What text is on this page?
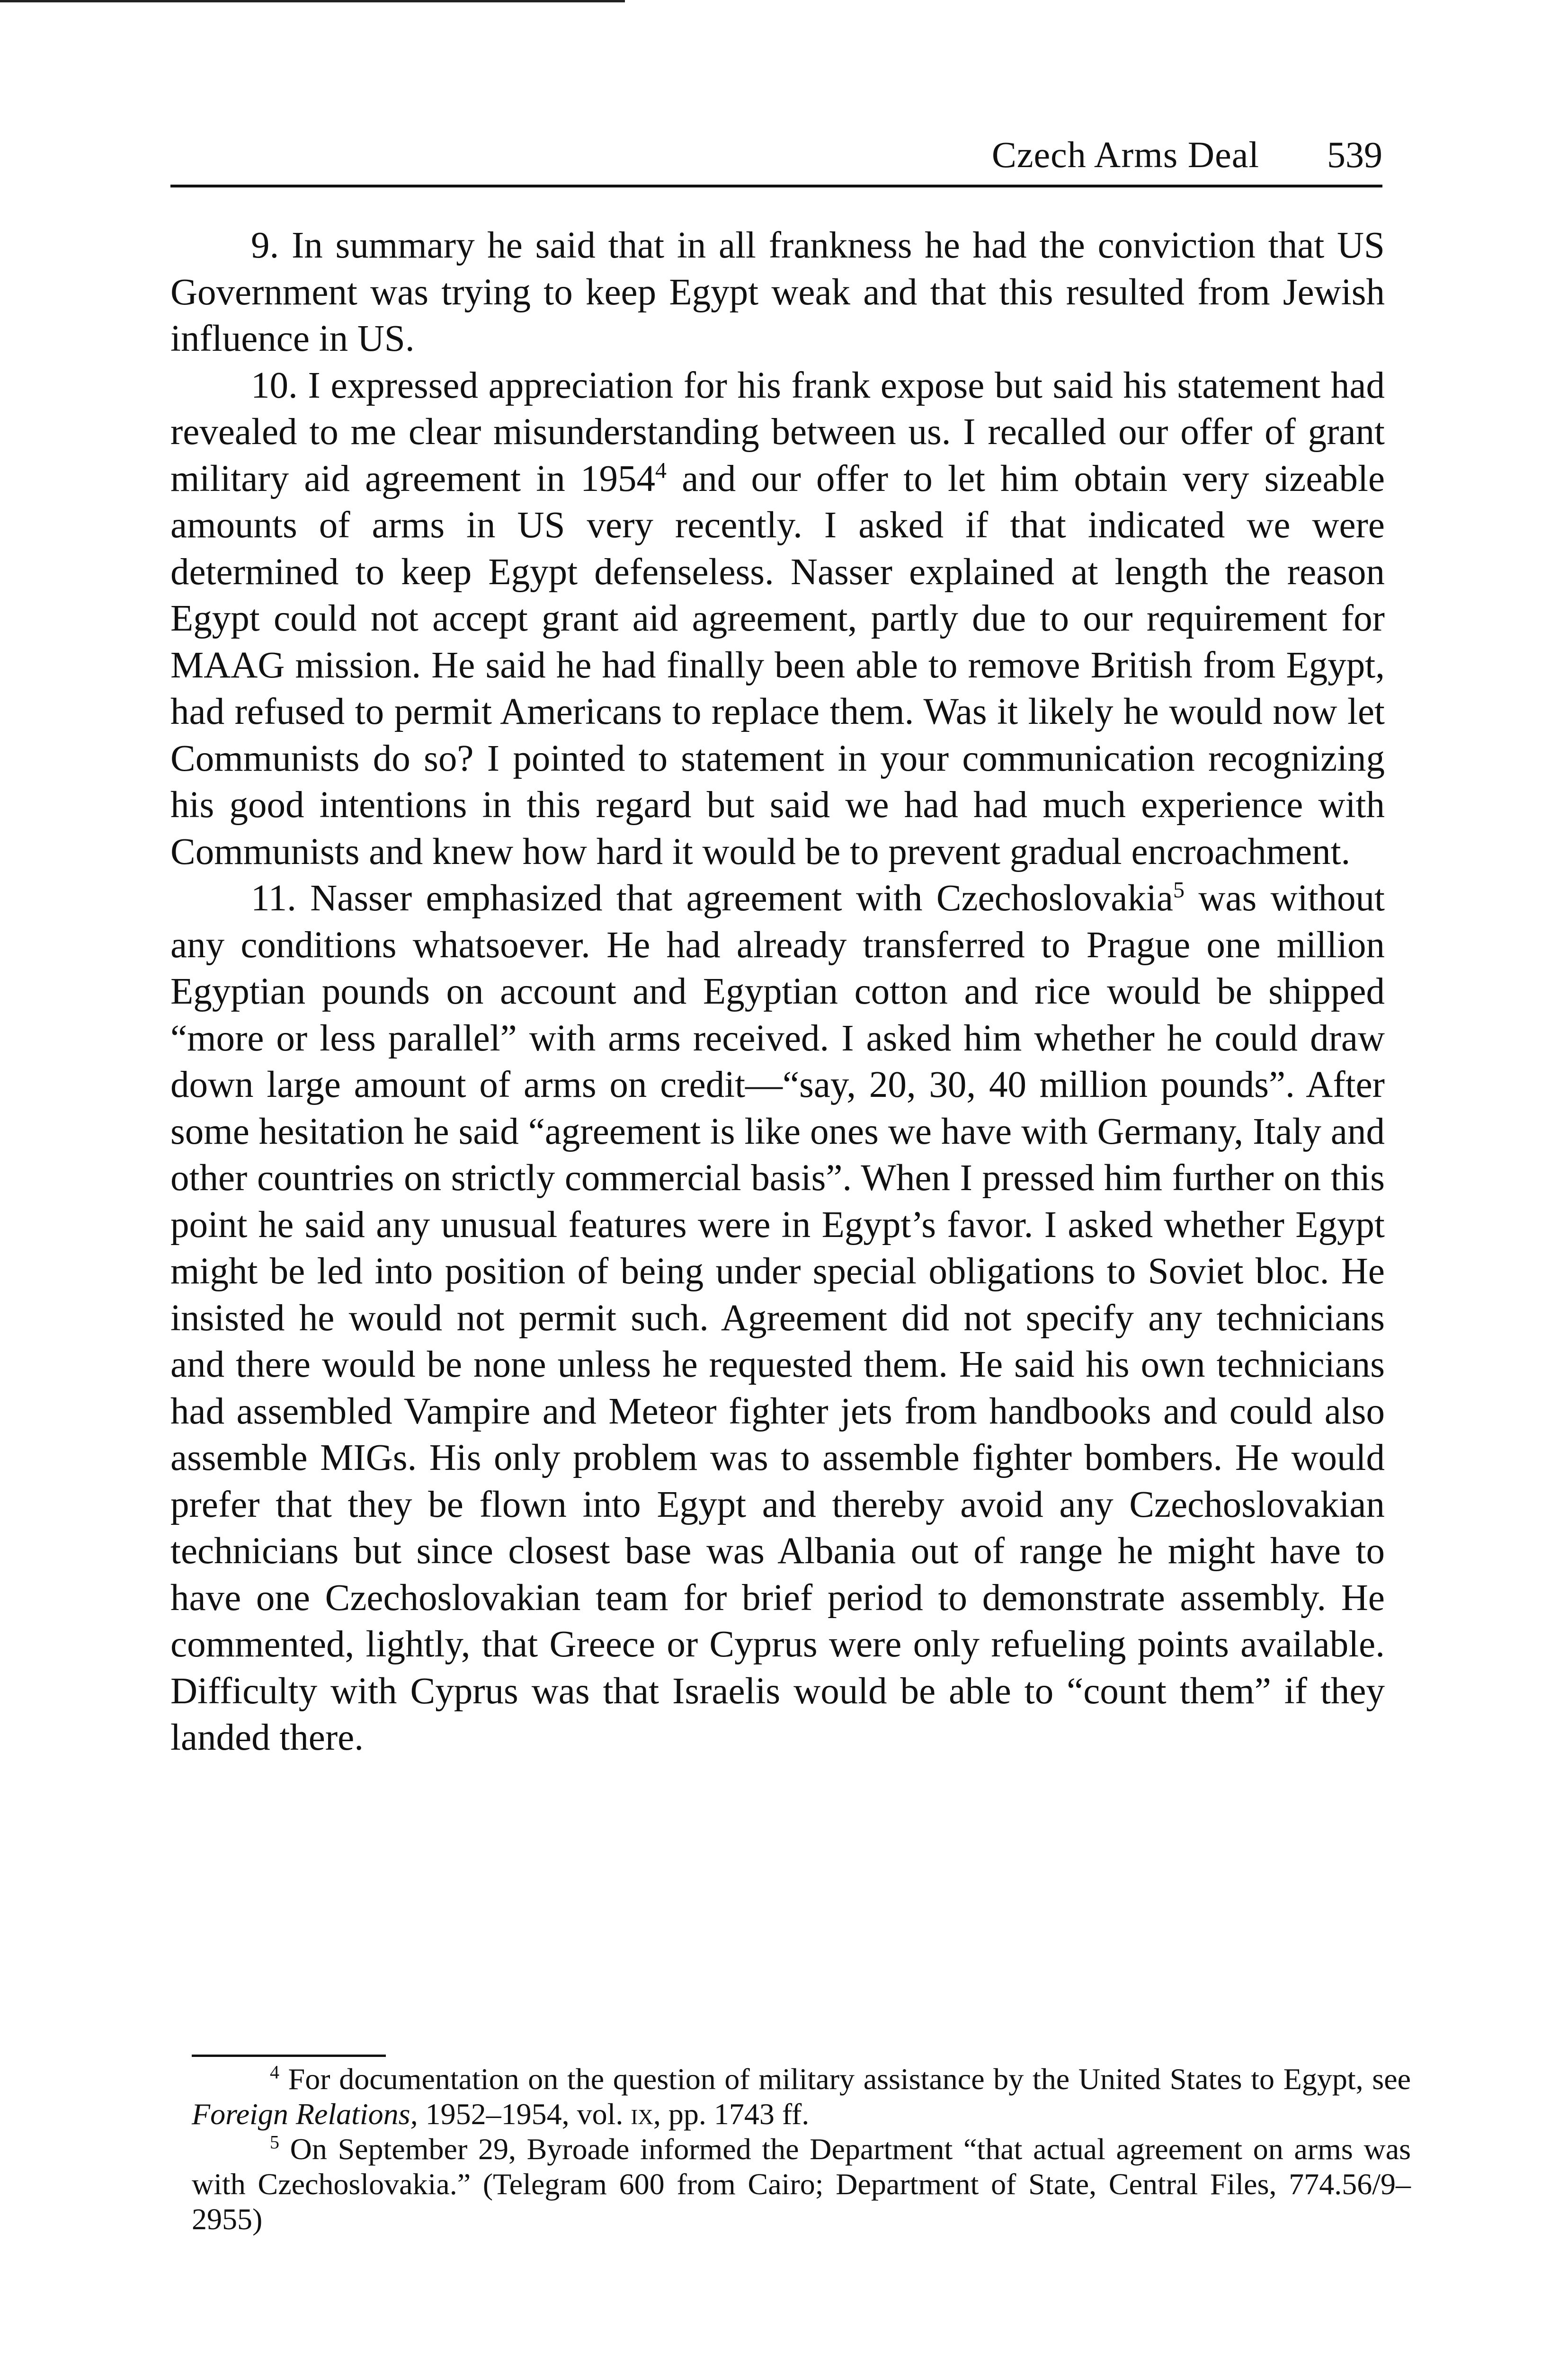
Czech Arms Deal 539

9. In summary he said that in all frankness he had the conviction that US Government was trying to keep Egypt weak and that this resulted from Jewish influence in US.

10. I expressed appreciation for his frank expose but said his statement had revealed to me clear misunderstanding between us. I recalled our offer of grant military aid agreement in 1954$^4$ and our offer to let him obtain very sizeable amounts of arms in US very recently. I asked if that indicated we were determined to keep Egypt defenseless. Nasser explained at length the reason Egypt could not accept grant aid agreement, partly due to our requirement for MAAG mission. He said he had finally been able to remove British from Egypt, had refused to permit Americans to replace them. Was it likely he would now let Communists do so? I pointed to statement in your communication recognizing his good intentions in this regard but said we had had much experience with Communists and knew how hard it would be to prevent gradual encroachment.

11. Nasser emphasized that agreement with Czechoslovakia$^5$ was without any conditions whatsoever. He had already transferred to Prague one million Egyptian pounds on account and Egyptian cotton and rice would be shipped “more or less parallel” with arms received. I asked him whether he could draw down large amount of arms on credit—“say, 20, 30, 40 million pounds”. After some hesitation he said “agreement is like ones we have with Germany, Italy and other countries on strictly commercial basis”. When I pressed him further on this point he said any unusual features were in Egypt’s favor. I asked whether Egypt might be led into position of being under special obligations to Soviet bloc. He insisted he would not permit such. Agreement did not specify any technicians and there would be none unless he requested them. He said his own technicians had assembled Vampire and Meteor fighter jets from handbooks and could also assemble MIGs. His only problem was to assemble fighter bombers. He would prefer that they be flown into Egypt and thereby avoid any Czechoslovakian technicians but since closest base was Albania out of range he might have to have one Czechoslovakian team for brief period to demonstrate assembly. He commented, lightly, that Greece or Cyprus were only refueling points available. Difficulty with Cyprus was that Israelis would be able to “count them” if they landed there.

$^4$ For documentation on the question of military assistance by the United States to Egypt, see Foreign Relations, 1952–1954, vol. ix, pp. 1743 ff.

$^5$ On September 29, Byroade informed the Department “that actual agreement on arms was with Czechoslovakia.” (Telegram 600 from Cairo; Department of State, Central Files, 774.56/9–2955)
